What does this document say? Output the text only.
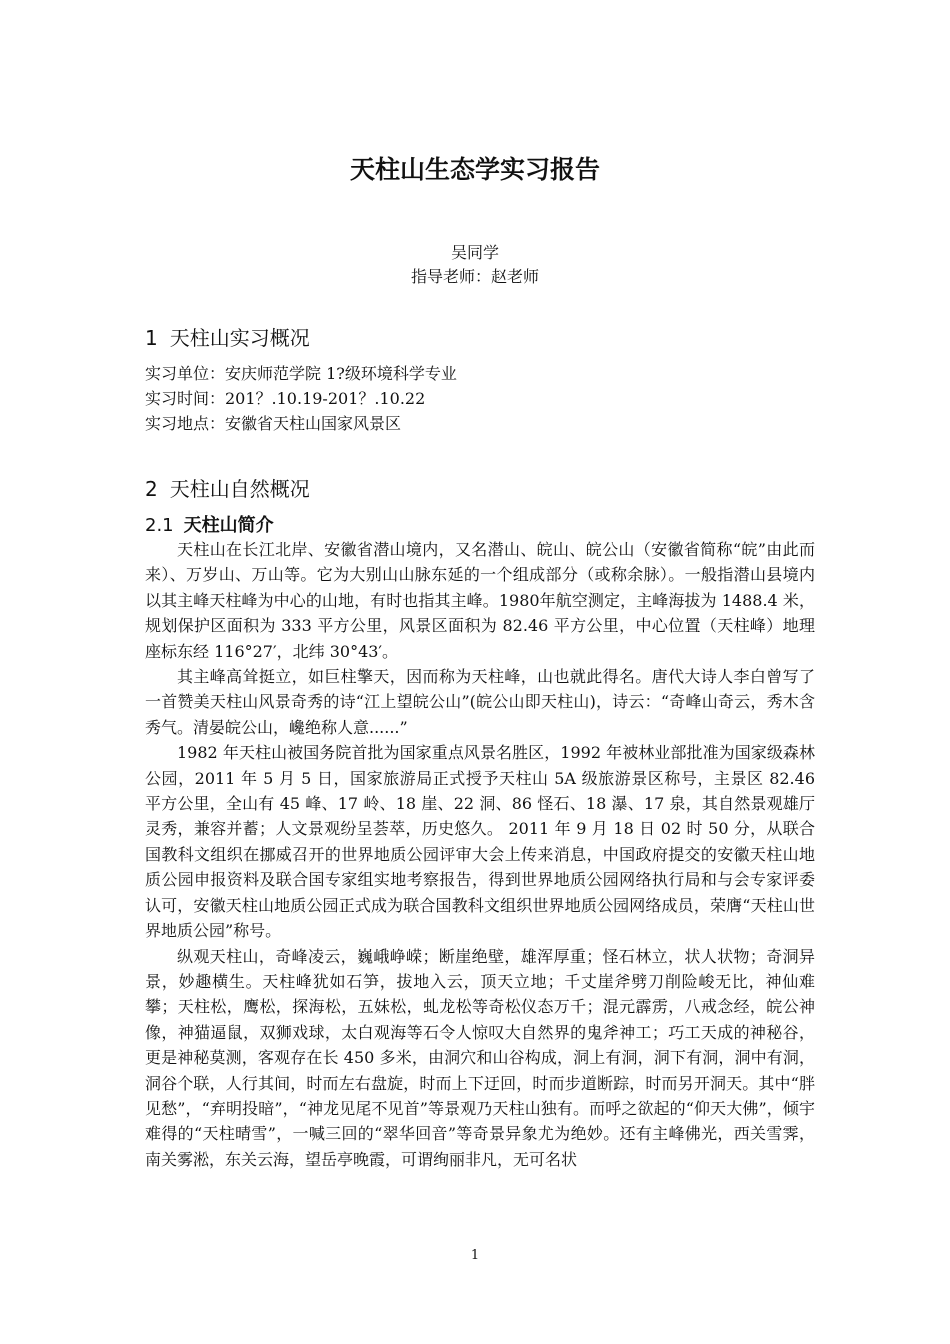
天柱山生态学实习报告
吴同学
指导老师：赵老师
1 天柱山实习概况
实习单位：安庆师范学院 1?级环境科学专业
实习时间：201？.10.19-201？.10.22
实习地点：安徽省天柱山国家风景区
2 天柱山自然概况
2.1 天柱山简介

天柱山在长江北岸、安徽省潜山境内，又名潜山、皖山、皖公山（安徽省简称“皖”由此而来）、万岁山、万山等。它为大别山山脉东延的一个组成部分（或称余脉）。一般指潜山县境内以其主峰天柱峰为中心的山地，有时也指其主峰。1980年航空测定，主峰海拔为 1488.4 米，规划保护区面积为 333 平方公里，风景区面积为 82.46 平方公里，中心位置（天柱峰）地理座标东经 116°27′，北纬 30°43′。

其主峰高耸挺立，如巨柱擎天，因而称为天柱峰，山也就此得名。唐代大诗人李白曾写了一首赞美天柱山风景奇秀的诗“江上望皖公山”(皖公山即天柱山)，诗云：“奇峰山奇云，秀木含秀气。清晏皖公山，巉绝称人意......”

1982 年天柱山被国务院首批为国家重点风景名胜区，1992 年被林业部批准为国家级森林公园，2011 年 5 月 5 日，国家旅游局正式授予天柱山 5A 级旅游景区称号，主景区 82.46 平方公里，全山有 45 峰、17 岭、18 崖、22 洞、86 怪石、18 瀑、17 泉，其自然景观雄厅灵秀，兼容并蓄；人文景观纷呈荟萃，历史悠久。 2011 年 9 月 18 日 02 时 50 分，从联合国教科文组织在挪威召开的世界地质公园评审大会上传来消息，中国政府提交的安徽天柱山地质公园申报资料及联合国专家组实地考察报告，得到世界地质公园网络执行局和与会专家评委认可，安徽天柱山地质公园正式成为联合国教科文组织世界地质公园网络成员，荣膺“天柱山世界地质公园”称号。

纵观天柱山，奇峰凌云，巍峨峥嵘；断崖绝壁，雄浑厚重；怪石林立，状人状物；奇洞异景，妙趣横生。天柱峰犹如石笋，拔地入云，顶天立地；千丈崖斧劈刀削险峻无比，神仙难攀；天柱松，鹰松，探海松，五妹松，虬龙松等奇松仪态万千；混元霹雳，八戒念经，皖公神像，神猫逼鼠，双狮戏球，太白观海等石令人惊叹大自然界的鬼斧神工；巧工天成的神秘谷，更是神秘莫测，客观存在长 450 多米，由洞穴和山谷构成，洞上有洞，洞下有洞，洞中有洞，洞谷个联，人行其间，时而左右盘旋，时而上下迂回，时而步道断踪，时而另开洞天。其中“胖见愁”，“弃明投暗”，“神龙见尾不见首”等景观乃天柱山独有。而呼之欲起的“仰天大佛”，倾宇难得的“天柱晴雪”，一喊三回的“翠华回音”等奇景异象尤为绝妙。还有主峰佛光，西关雪霁，南关雾淞，东关云海，望岳亭晚霞，可谓绚丽非凡，无可名状

1
